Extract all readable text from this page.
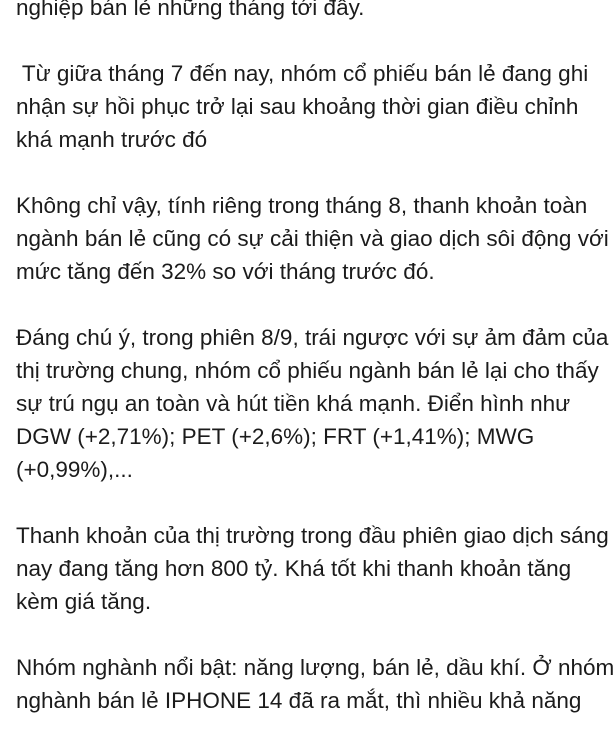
nghiệp bán lẻ những tháng tới đây.

Từ giữa tháng 7 đến nay, nhóm cổ phiếu bán lẻ đang ghi
nhận sự hồi phục trở lại sau khoảng thời gian điều chỉnh
khá mạnh trước đó

Không chỉ vậy, tính riêng trong tháng 8, thanh khoản toàn
ngành bán lẻ cũng có sự cải thiện và giao dịch sôi động với
mức tăng đến 32% so với tháng trước đó.

Đáng chú ý, trong phiên 8/9, trái ngược với sự ảm đảm của
thị trường chung, nhóm cổ phiếu ngành bán lẻ lại cho thấy
sự trú ngụ an toàn và hút tiền khá mạnh. Điển hình như
DGW (+2,71%); PET (+2,6%); FRT (+1,41%); MWG
(+0,99%),...

Thanh khoản của thị trường trong đầu phiên giao dịch sáng
nay đang tăng hơn 800 tỷ. Khá tốt khi thanh khoản tăng
kèm giá tăng.

Nhóm nghành nổi bật: năng lượng, bán lẻ, dầu khí. Ở nhóm
nghành bán lẻ IPHONE 14 đã ra mắt, thì nhiều khả năng
